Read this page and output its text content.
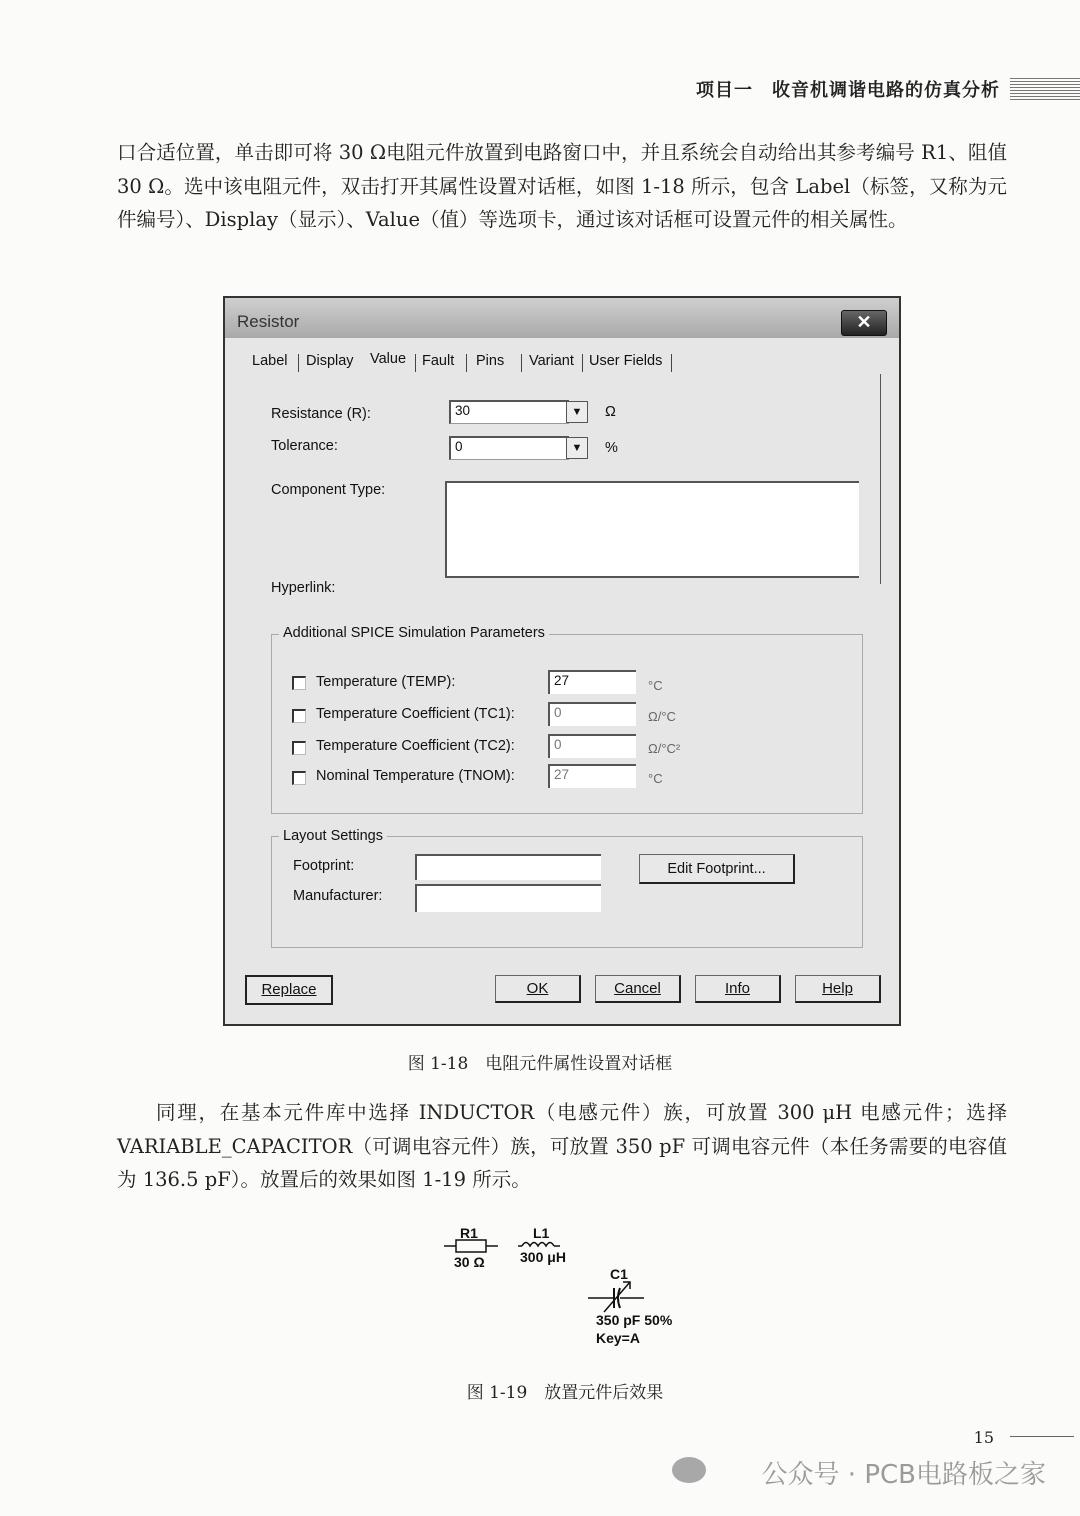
项目一　收音机调谐电路的仿真分析

口合适位置，单击即可将 30 Ω电阻元件放置到电路窗口中，并且系统会自动给出其参考编号 R1、阻值 30 Ω。选中该电阻元件，双击打开其属性设置对话框，如图 1-18 所示，包含 Label（标签，又称为元件编号）、Display（显示）、Value（值）等选项卡，通过该对话框可设置元件的相关属性。

Resistor	✕
Label Display Value Fault Pins Variant User Fields
Resistance (R):	30	▼	Ω
Tolerance:	0	▼	%
Component Type:
Hyperlink:
Additional SPICE Simulation Parameters
Temperature (TEMP):	27	°C
Temperature Coefficient (TC1):	0	Ω/°C
Temperature Coefficient (TC2):	0	Ω/°C²
Nominal Temperature (TNOM):	27	°C
Layout Settings
Footprint:
Manufacturer:
Edit Footprint...
Replace	OK	Cancel	Info	Help
图 1-18　电阻元件属性设置对话框

同理，在基本元件库中选择 INDUCTOR（电感元件）族，可放置 300 μH 电感元件；选择 VARIABLE_CAPACITOR（可调电容元件）族，可放置 350 pF 可调电容元件（本任务需要的电容值为 136.5 pF）。放置后的效果如图 1-19 所示。

R1
30 Ω
L1
300 μH
C1
350 pF 50%
Key=A
图 1-19　放置元件后效果
15
公众号 · PCB电路板之家
